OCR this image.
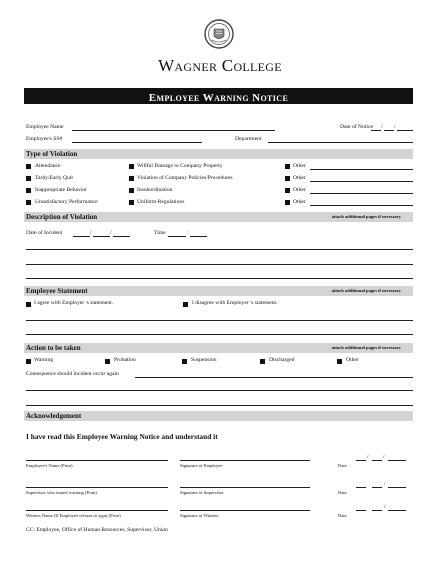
Wagner College
Employee Warning Notice
Employee Name	Date of Notice / /
Employee's SS#	Department
Type of Violation
Attendance	Willful Damage to Company Property	Other
Tardy/Early Quit	Violation of Company Policies/Procedures	Other
Inappropriate Behavior	Insubordination	Other
Unsatisfactory Performance	Uniform Regulations	Other
Description of Violation	attach additional pages if necessary
Date of Incident	/	/	Time	:
Employee Statement	attach additional pages if necessary
I agree with Employer 's statement.	I disagree with Employer 's statement.
Action to be taken	attach additional pages if necessary
Warning	Probation	Suspension	Discharged	Other
Consequence should incident occur again
Acknowledgement
I have read this Employee Warning Notice and understand it
/	/
Employee's Name (Print)	Signature of Employee	Date
/
Supervisor who issued warning (Print)	Signature of Supervisor	Date
/
Witness Name (If Employee refuses to sign) (Print)	Signature of Witness	Date
CC: Employee, Office of Human Resources, Supervisor, Union
